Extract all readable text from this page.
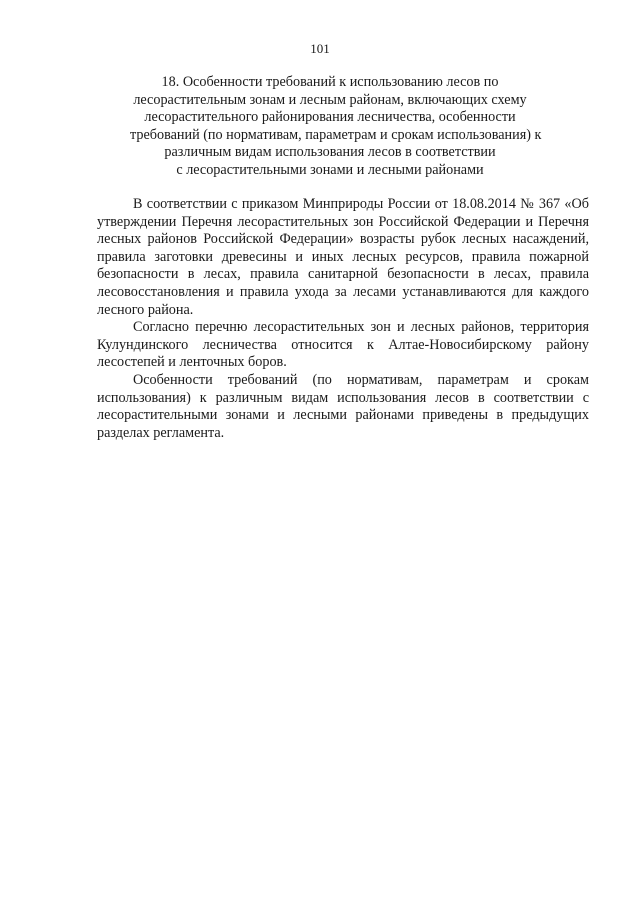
101
18. Особенности требований к использованию лесов по
лесорастительным зонам и лесным районам, включающих схему
лесорастительного районирования лесничества, особенности
требований (по нормативам, параметрам и срокам использования) к
различным видам использования лесов в соответствии
с лесорастительными зонами и лесными районами

В соответствии с приказом Минприроды России от 18.08.2014 № 367 «Об утверждении Перечня лесорастительных зон Российской Федерации и Перечня лесных районов Российской Федерации» возрасты рубок лесных насаждений, правила заготовки древесины и иных лесных ресурсов, правила пожарной безопасности в лесах, правила санитарной безопасности в лесах, правила лесовосстановления и правила ухода за лесами устанавливаются для каждого лесного района.

Согласно перечню лесорастительных зон и лесных районов, территория Кулундинского лесничества относится к Алтае-Новосибирскому району лесостепей и ленточных боров.

Особенности требований (по нормативам, параметрам и срокам использования) к различным видам использования лесов в соответствии с лесорастительными зонами и лесными районами приведены в предыдущих разделах регламента.
